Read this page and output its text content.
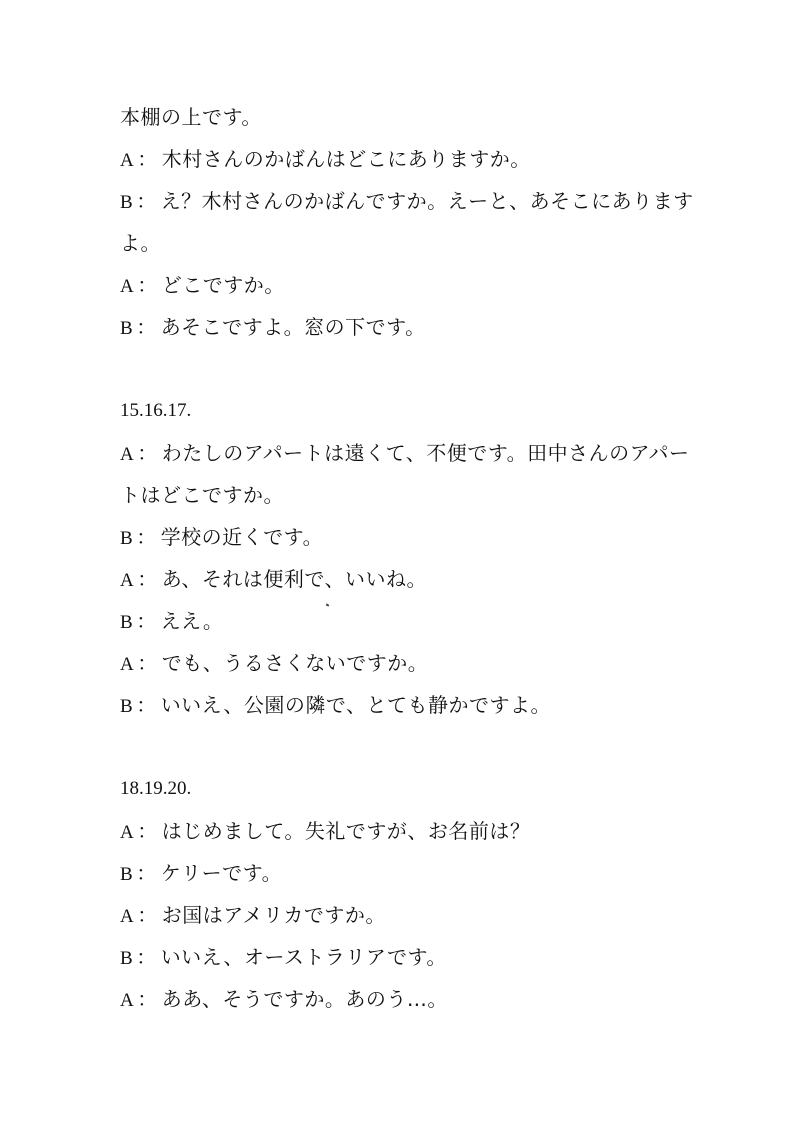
本棚の上です。
A ： 木村さんのかばんはどこにありますか。
B ： え？木村さんのかばんですか。えーと、あそこにあります
よ。
A ： どこですか。
B ： あそこですよ。窓の下です。
15.16.17.
A ： わたしのアパートは遠くて、不便です。田中さんのアパー
トはどこですか。
B ： 学校の近くです。
A ： あ、それは便利で、いいね。
B ： ええ。
A ： でも、うるさくないですか。
B ： いいえ、公園の隣で、とても静かですよ。
18.19.20.
A ： はじめまして。失礼ですが、お名前は？
B ： ケリーです。
A ： お国はアメリカですか。
B ： いいえ、オーストラリアです。
A ： ああ、そうですか。あのう…。
